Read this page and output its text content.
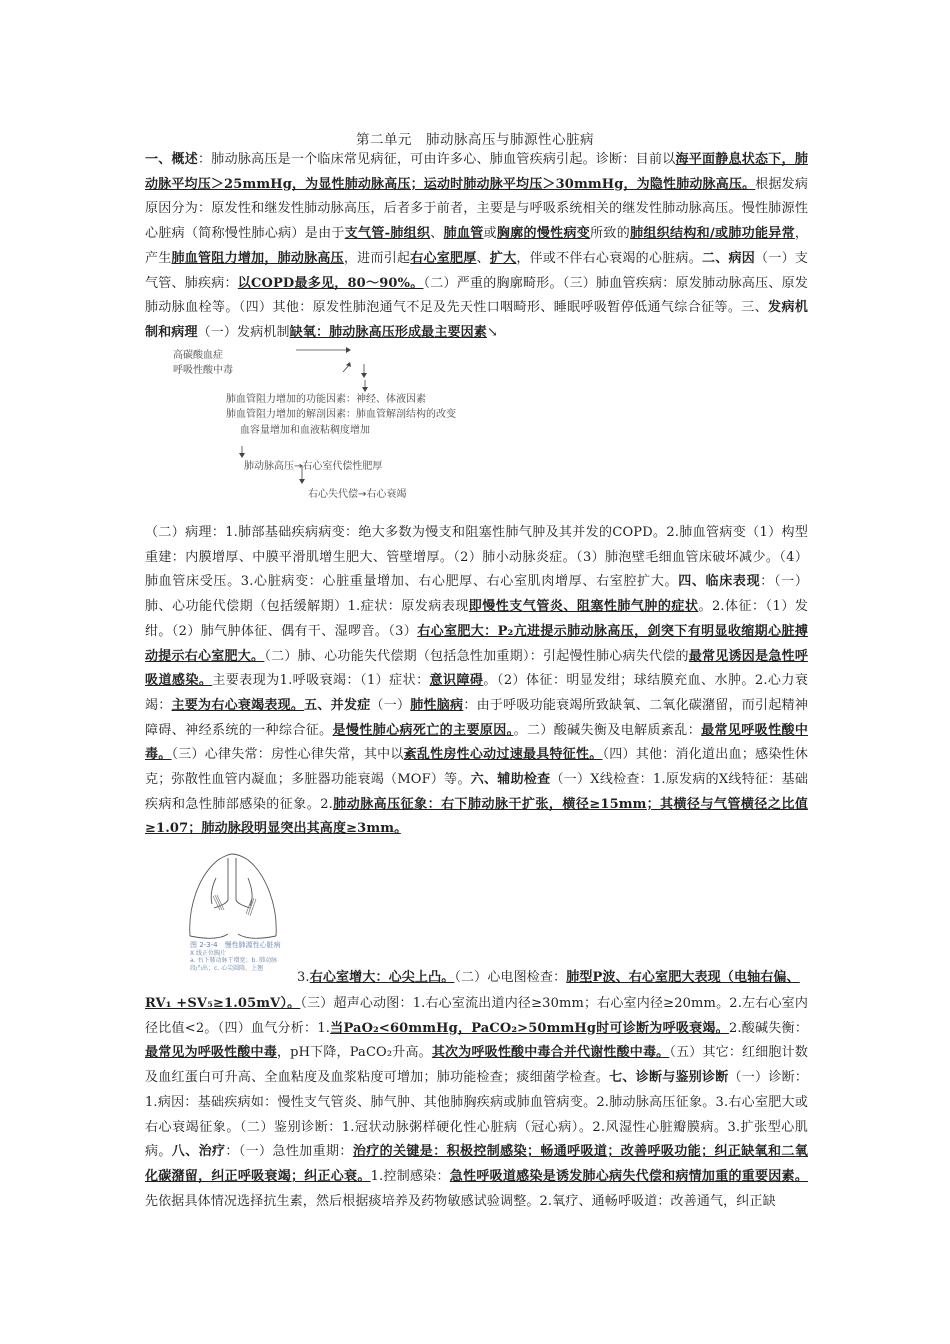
第二单元　肺动脉高压与肺源性心脏病
一、概述：肺动脉高压是一个临床常见病征，可由许多心、肺血管疾病引起。诊断：目前以海平面静息状态下，肺动脉平均压＞25mmHg，为显性肺动脉高压；运动时肺动脉平均压＞30mmHg，为隐性肺动脉高压。根据发病原因分为：原发性和继发性肺动脉高压，后者多于前者，主要是与呼吸系统相关的继发性肺动脉高压。慢性肺源性心脏病（简称慢性肺心病）是由于支气管-肺组织、肺血管或胸廓的慢性病变所致的肺组织结构和/或肺功能异常，产生肺血管阻力增加，肺动脉高压，进而引起右心室肥厚、扩大，伴或不伴右心衰竭的心脏病。二、病因（一）支气管、肺疾病：以COPD最多见，80～90%。（二）严重的胸廓畸形。（三）肺血管疾病：原发肺动脉高压、原发肺动脉血栓等。（四）其他：原发性肺泡通气不足及先天性口咽畸形、睡眠呼吸暂停低通气综合征等。三、发病机制和病理（一）发病机制缺氧：肺动脉高压形成最主要因素↘
高碳酸血症
呼吸性酸中毒
肺血管阻力增加的功能因素：神经、体液因素
肺血管阻力增加的解剖因素：肺血管解剖结构的改变
血容量增加和血液粘稠度增加
肺动脉高压→右心室代偿性肥厚
右心失代偿→右心衰竭
（二）病理：1.肺部基础疾病病变：绝大多数为慢支和阻塞性肺气肿及其并发的COPD。2.肺血管病变（1）构型重建：内膜增厚、中膜平滑肌增生肥大、管壁增厚。（2）肺小动脉炎症。（3）肺泡壁毛细血管床破坏减少。（4）肺血管床受压。3.心脏病变：心脏重量增加、右心肥厚、右心室肌肉增厚、右室腔扩大。四、临床表现：（一）肺、心功能代偿期（包括缓解期）1.症状：原发病表现即慢性支气管炎、阻塞性肺气肿的症状。2.体征：（1）发绀。（2）肺气肿体征、偶有干、湿啰音。（3）右心室肥大：P₂亢进提示肺动脉高压，剑突下有明显收缩期心脏搏动提示右心室肥大。（二）肺、心功能失代偿期（包括急性加重期）：引起慢性肺心病失代偿的最常见诱因是急性呼吸道感染。主要表现为1.呼吸衰竭：（1）症状：意识障碍。（2）体征：明显发绀；球结膜充血、水肿。2.心力衰竭：主要为右心衰竭表现。五、并发症（一）肺性脑病：由于呼吸功能衰竭所致缺氧、二氧化碳潴留，而引起精神障碍、神经系统的一种综合征。是慢性肺心病死亡的主要原因。。二）酸碱失衡及电解质紊乱：最常见呼吸性酸中毒。（三）心律失常：房性心律失常，其中以紊乱性房性心动过速最具特征性。（四）其他：消化道出血；感染性休克；弥散性血管内凝血；多脏器功能衰竭（MOF）等。六、辅助检查（一）X线检查：1.原发病的X线特征：基础疾病和急性肺部感染的征象。2.肺动脉高压征象：右下肺动脉干扩张，横径≥15mm；其横径与气管横径之比值≥1.07；肺动脉段明显突出其高度≥3mm。　
图 2-3-4　慢性肺源性心脏病
X 线正位胸片
a. 右下肺动脉干增宽；b. 肺动脉
段凸出；c. 心尖圆隆、上翘
3.右心室增大：心尖上凸。（二）心电图检查：肺型P波、右心室肥大表现（电轴右偏、
RV₁ +SV₅≥1.05mV）。（三）超声心动图：1.右心室流出道内径≥30mm；右心室内径≥20mm。2.左右心室内径比值<2。（四）血气分析：1.当PaO₂<60mmHg，PaCO₂>50mmHg时可诊断为呼吸衰竭。2.酸碱失衡：最常见为呼吸性酸中毒，pH下降，PaCO₂升高。其次为呼吸性酸中毒合并代谢性酸中毒。（五）其它：红细胞计数及血红蛋白可升高、全血粘度及血浆粘度可增加；肺功能检查；痰细菌学检查。七、诊断与鉴别诊断（一）诊断：1.病因：基础疾病如：慢性支气管炎、肺气肿、其他肺胸疾病或肺血管病变。2.肺动脉高压征象。3.右心室肥大或右心衰竭征象。（二）鉴别诊断：1.冠状动脉粥样硬化性心脏病（冠心病）。2.风湿性心脏瓣膜病。3.扩张型心肌病。八、治疗：（一）急性加重期：治疗的关键是：积极控制感染；畅通呼吸道；改善呼吸功能；纠正缺氧和二氧化碳潴留，纠正呼吸衰竭；纠正心衰。1.控制感染：急性呼吸道感染是诱发肺心病失代偿和病情加重的重要因素。先依据具体情况选择抗生素，然后根据痰培养及药物敏感试验调整。2.氧疗、通畅呼吸道：改善通气，纠正缺
